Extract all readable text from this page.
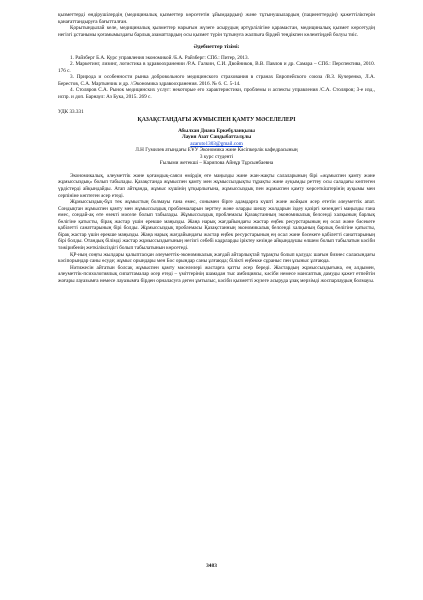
қызметтерді өндірушілердің (медициналық қызметтер көрсететін ұйымдардың) және тұтынушылардың (пациенттердің) қажеттіліктерін қанағаттандыруға бағытталған.

Қорытындылай келе, медициналық қызметтер нарығын жүзеге асырудың әртүрлілігіне қарамастан, медициналық қызмет көрсетудің негізгі ұстанымы қоғамымыздағы барлық азаматтардың осы қызмет түрін тұтынуға жалпыға бірдей теңдікпен көлемтіңдей болуы тиіс.

Әдебиеттер тізімі:

1. Райзберг Б.А. Курс управления экономикой /Б.А. Райзберг: СПб.: Питер, 2013.

2. Маркетинг, лизинг, логистика в здравоохранении /Р.А. Галкин, С.И. Двойников, В.В. Павлов и др. Самара – СПб.: Перспектива, 2010. 176 с.

3. Природа и особенности рынка добровольного медицинского страхования в странах Европейского союза /В.З. Кучеренко, Л.А. Берестов, С.А. Мартынчик и др. //Экономика здравоохранения. 2016. № 6. С. 5-14.

4. Столяров С.А. Рынок медицинских услуг: некоторые его характеристики, проблемы и аспекты управления /С.А. Столяров; 3-е изд., испр. и доп. Барнаул: Аз Бука, 2015. 269 с.

УДК 33.331

ҚАЗАҚСТАНДАҒЫ ЖҰМЫСПЕН ҚАМТУ МӘСЕЛЕЛЕРІ

Абылхан Диана Еркебұланқызы

Лауия Азат Сандыбатталұлы

azaruto1303@gmail.com

Л.Н Гумилев атындағы ЕҰУ Экономика және Кәсіпкерлік кафедрасының

3 курс студенті

Ғылыми жетекші – Карипова Айнұр Тұрсынбаевна

Экономикалық, әлеуметтік және қоғамдық-саяси өмірдің өте маңызды және жан-жақты салаларының бірі «жұмыспен қамту және жұмыссыздық» болып табылады. Қазақстанда жұмыспен қамту мен жұмыссыздықты тұрақты және әуқымды реттеу осы саладағы көптеген үрдістерді айқындайды. Атап айтқанда, жұмыс күшінің ұтқырлығына, жұмыссыздық пен жұмыспен қамту көрсеткіштерінің ауқымы мен серпініне көптеген әсер етеді.

Жұмыссыздық-бұл тек жұмыстың болмауы ғана емес, сонымен бірге адамдарға күшті және жойқын әсер ететін әлеуметтік апат. Сондықтан жұмыспен қамту мен жұмыссыздық проблемаларын зерттеу және оларды шешу жолдарын іздеу қазіргі кезеңдегі маңызды ғана емес, сондай-ақ өте өзекті мәселе болып табылады. Жұмыссыздық проблемасы Қазақстанның экономикалық белсенді халқының барлық бөлігіне қатысты, бірақ жастар үшін ерекше маңызды. Жаңа нарық жағдайындағы жастар еңбек ресурстарының ең осал және бәсекеге қабілетті санаттарының бірі болды. Жұмыссыздық проблемасы Қазақстанның экономикалық белсенді халқының барлық бөлігіне қатысты, бірақ жастар үшін ерекше маңызды. Жаңа нарық жағдайындағы жастар еңбек ресурстарының ең осал және бәсекеге қабілетті санаттарының бірі болды. Отандық білімді жастар жұмыссыздығының негізгі себебі кадрларды іріктеу кезінде айқындаушы өлшем болып табылатын кәсіби тәжірибенің жеткіліксіздігі болып табылатынын көрсетеді.

ҚР-ның соңғы жылдары қалыптасқан әлеуметтік-экономикалық жағдай айтарлықтай тұрақты болып қалуда: шағын бизнес саласындағы кәсіпорындар саны өсуде; жұмыс орындары мен Бос орындар саны ұлғаюда; білікті еңбекке сұраныс пен ұсыныс ұлғаюда.

Нәтижесін айтатын болсақ жұмыспен қамту мәселелері жастарға қатты әсер береді. Жастардың жұмыссыздығына, ең алдымен, әлеуметтік-психологиялық сипаттамалар әсер етеді – үміттерінің шамадан тыс амбициясы, кәсіби немесе мансаптық дамуды қажет етпейтін жоғары лауазымға немесе лауазымға бірден орналасуға деген ұмтылыс, кәсіби қызметті жүзеге асыруда ұзақ мерзімді жоспарлаудың болмауы.

3483
